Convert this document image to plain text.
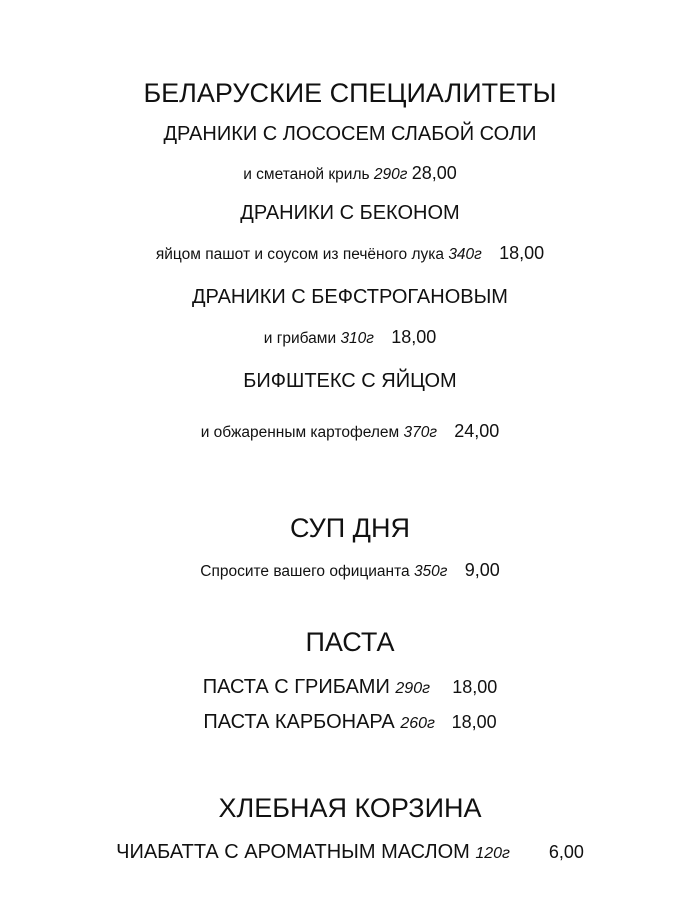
БЕЛАРУСКИЕ СПЕЦИАЛИТЕТЫ
ДРАНИКИ С ЛОСОСЕМ СЛАБОЙ СОЛИ
и сметаной криль 290г 28,00
ДРАНИКИ С БЕКОНОМ
яйцом пашот и соусом из печёного лука 340г 18,00
ДРАНИКИ С БЕФСТРОГАНОВЫМ
и грибами 310г 18,00
БИФШТЕКС С ЯЙЦОМ
и обжаренным картофелем 370г 24,00
СУП ДНЯ
Спросите вашего официанта 350г 9,00
ПАСТА
ПАСТА С ГРИБАМИ 290г 18,00
ПАСТА КАРБОНАРА 260г 18,00
ХЛЕБНАЯ КОРЗИНА
ЧИАБАТТА С АРОМАТНЫМ МАСЛОМ 120г 6,00
